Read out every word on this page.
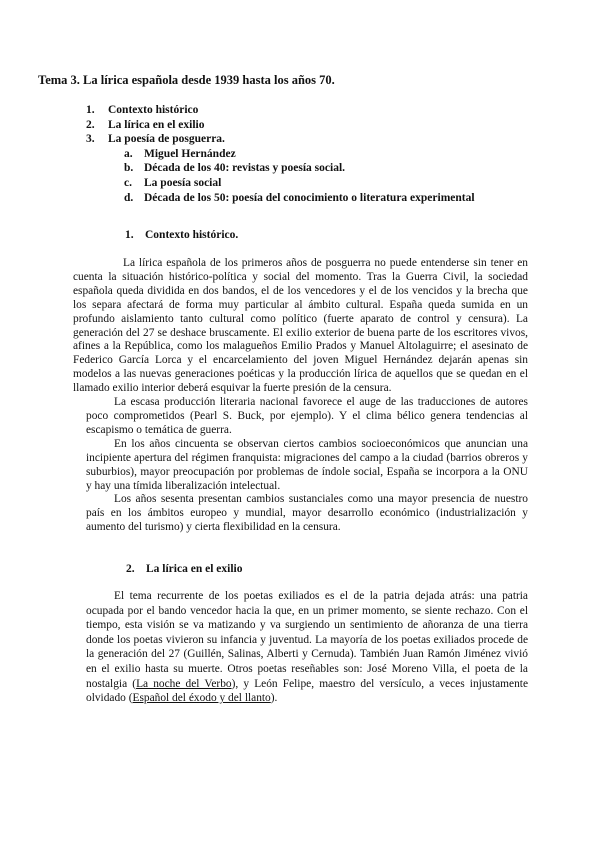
Tema 3. La lírica española desde 1939 hasta los años 70.
1. Contexto histórico
2. La lírica en el exilio
3. La poesía de posguerra.
a. Miguel Hernández
b. Década de los 40: revistas y poesía social.
c. La poesía social
d. Década de los 50: poesía del conocimiento o literatura experimental
1. Contexto histórico.

La lírica española de los primeros años de posguerra no puede entenderse sin tener en cuenta la situación histórico-política y social del momento. Tras la Guerra Civil, la sociedad española queda dividida en dos bandos, el de los vencedores y el de los vencidos y la brecha que los separa afectará de forma muy particular al ámbito cultural. España queda sumida en un profundo aislamiento tanto cultural como político (fuerte aparato de control y censura). La generación del 27 se deshace bruscamente. El exilio exterior de buena parte de los escritores vivos, afines a la República, como los malagueños Emilio Prados y Manuel Altolaguirre; el asesinato de Federico García Lorca y el encarcelamiento del joven Miguel Hernández dejarán apenas sin modelos a las nuevas generaciones poéticas y la producción lírica de aquellos que se quedan en el llamado exilio interior deberá esquivar la fuerte presión de la censura.

La escasa producción literaria nacional favorece el auge de las traducciones de autores poco comprometidos (Pearl S. Buck, por ejemplo). Y el clima bélico genera tendencias al escapismo o temática de guerra.

En los años cincuenta se observan ciertos cambios socioeconómicos que anuncian una incipiente apertura del régimen franquista: migraciones del campo a la ciudad (barrios obreros y suburbios), mayor preocupación por problemas de índole social, España se incorpora a la ONU y hay una tímida liberalización intelectual.

Los años sesenta presentan cambios sustanciales como una mayor presencia de nuestro país en los ámbitos europeo y mundial, mayor desarrollo económico (industrialización y aumento del turismo) y cierta flexibilidad en la censura.

2. La lírica en el exilio

El tema recurrente de los poetas exiliados es el de la patria dejada atrás: una patria ocupada por el bando vencedor hacia la que, en un primer momento, se siente rechazo. Con el tiempo, esta visión se va matizando y va surgiendo un sentimiento de añoranza de una tierra donde los poetas vivieron su infancia y juventud. La mayoría de los poetas exiliados procede de la generación del 27 (Guillén, Salinas, Alberti y Cernuda). También Juan Ramón Jiménez vivió en el exilio hasta su muerte. Otros poetas reseñables son: José Moreno Villa, el poeta de la nostalgia (La noche del Verbo), y León Felipe, maestro del versículo, a veces injustamente olvidado (Español del éxodo y del llanto).
